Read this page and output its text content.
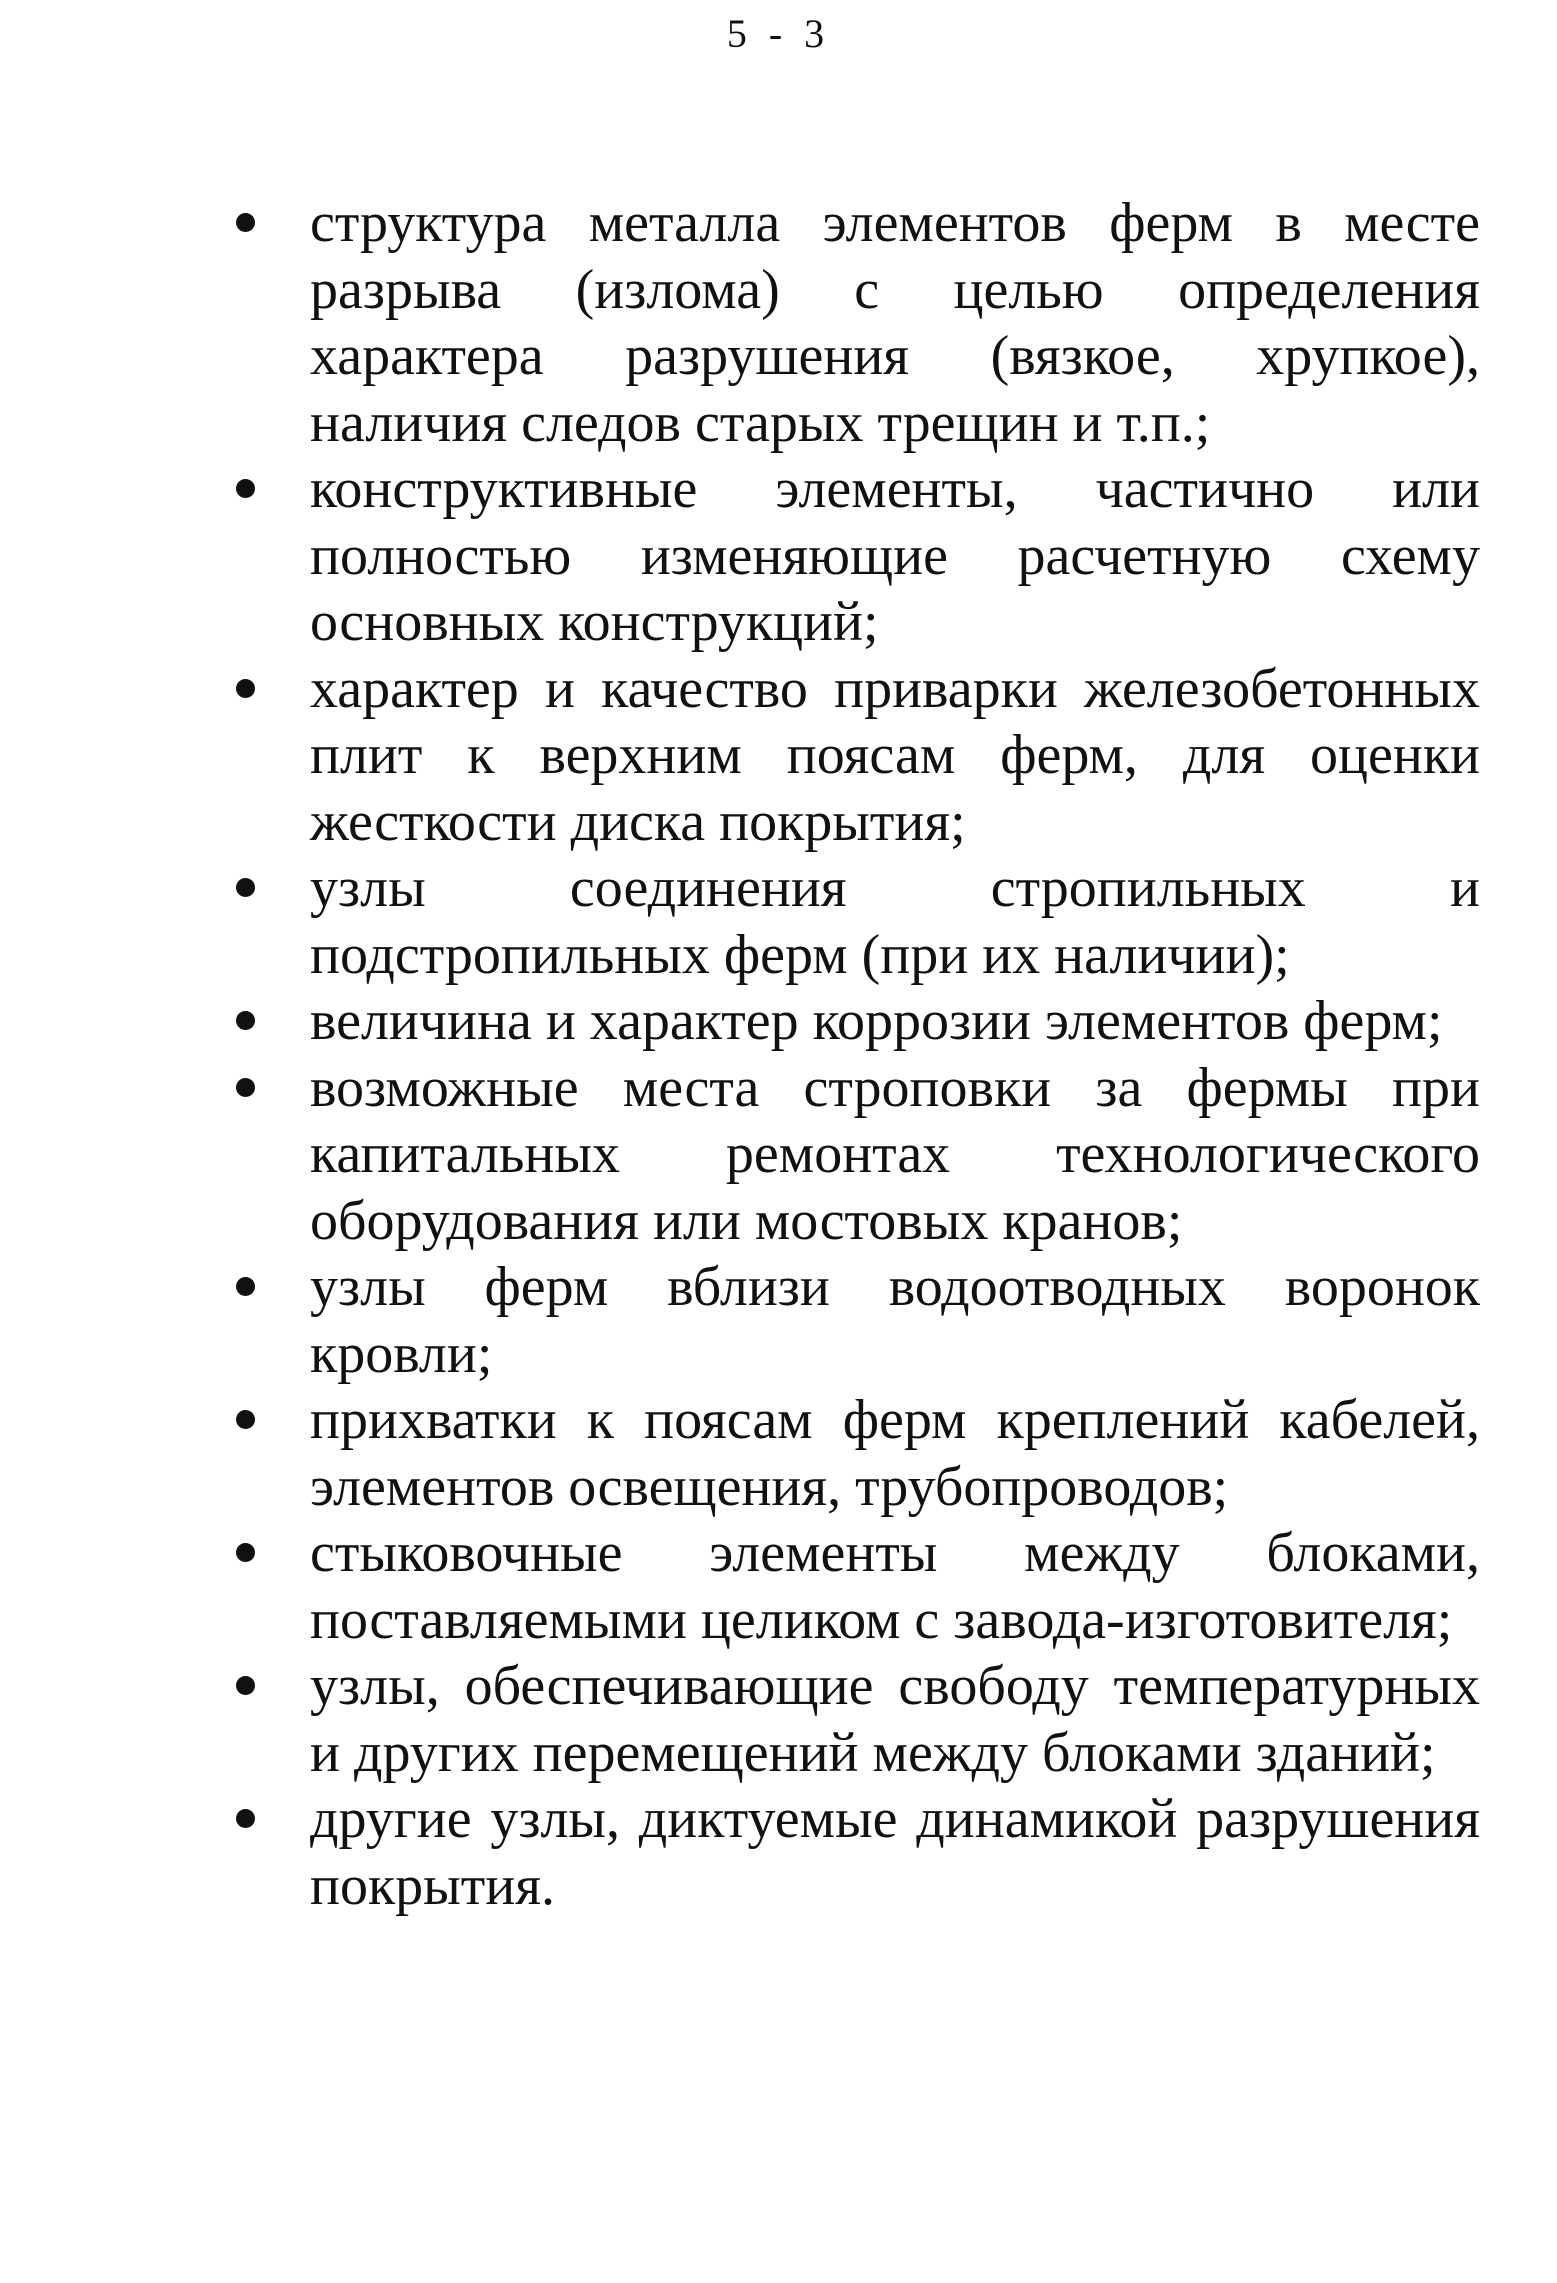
5 - 3
структура металла элементов ферм в месте разрыва (излома) с целью определения характера разрушения (вязкое, хрупкое), наличия следов старых трещин и т.п.;
конструктивные элементы, частично или полностью изменяющие расчетную схему основных конструкций;
характер и качество приварки железобетонных плит к верхним поясам ферм, для оценки жесткости диска покрытия;
узлы соединения стропильных и подстропильных ферм (при их наличии);
величина и характер коррозии элементов ферм;
возможные места строповки за фермы при капитальных ремонтах технологического оборудования или мостовых кранов;
узлы ферм вблизи водоотводных воронок кровли;
прихватки к поясам ферм креплений кабелей, элементов освещения, трубопроводов;
стыковочные элементы между блоками, поставляемыми целиком с завода-изготовителя;
узлы, обеспечивающие свободу температурных и других перемещений между блоками зданий;
другие узлы, диктуемые динамикой разрушения покрытия.
